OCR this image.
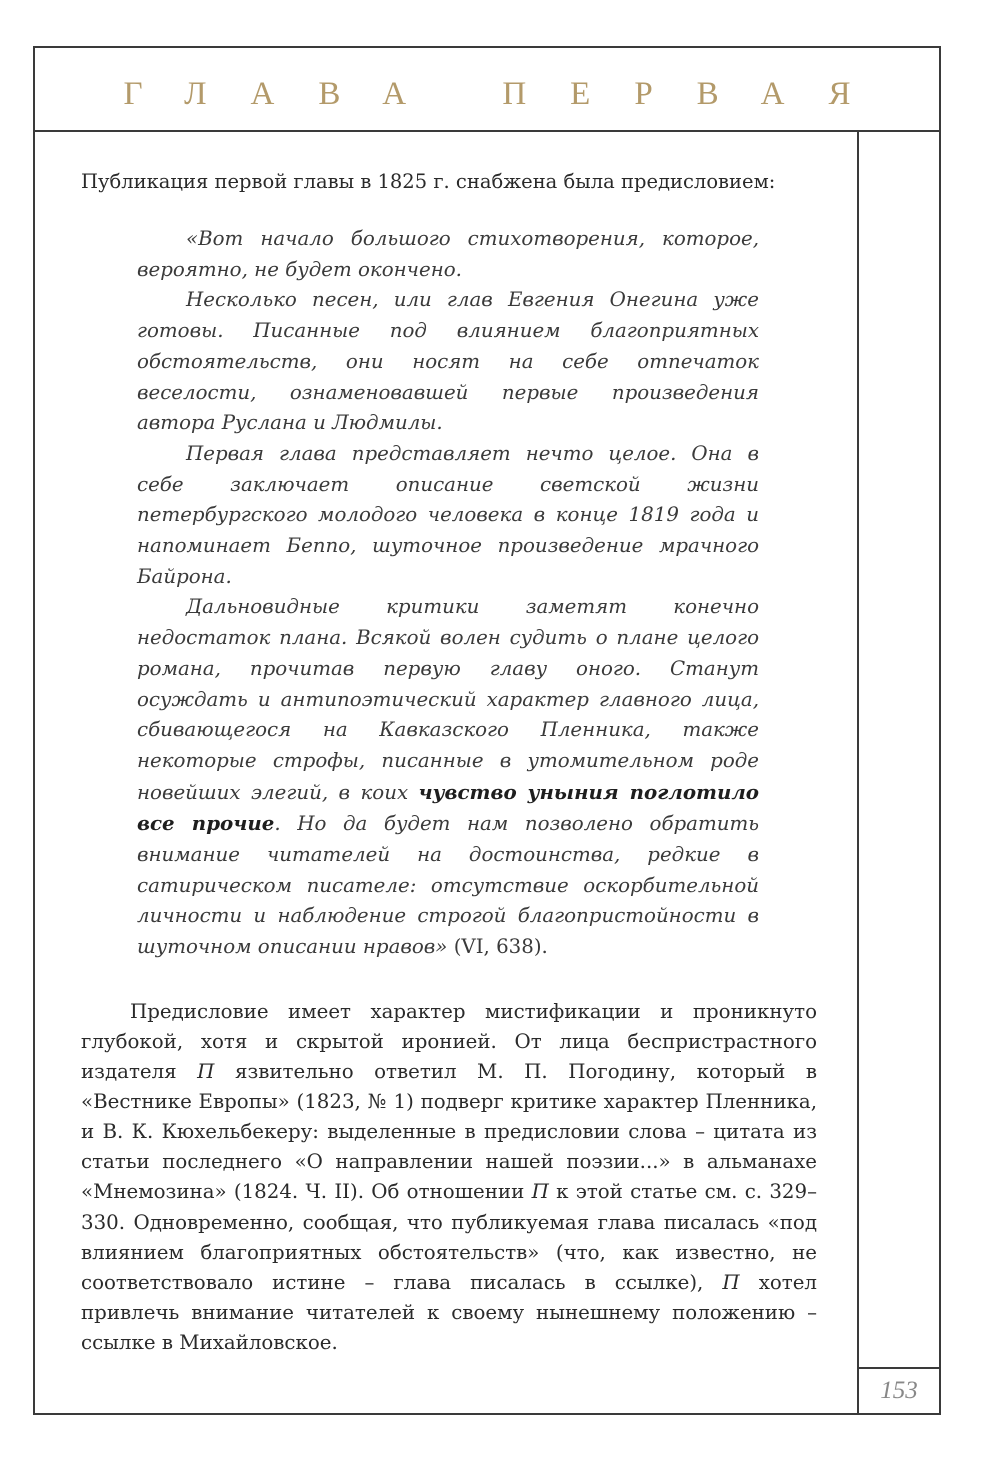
ГЛАВА ПЕРВАЯ
153

Публикация первой главы в 1825 г. снабжена была предисловием:

«Вот начало большого стихотворения, которое, вероятно, не будет окончено.

Несколько песен, или глав Евгения Онегина уже готовы. Писанные под влиянием благоприятных обстоятельств, они носят на себе отпечаток веселости, ознаменовавшей первые произведения автора Руслана и Людмилы.

Первая глава представляет нечто целое. Она в себе заключает описание светской жизни петербургского молодого человека в конце 1819 года и напоминает Беппо, шуточное произведение мрачного Байрона.

Дальновидные критики заметят конечно недостаток плана. Всякой волен судить о плане целого романа, прочитав первую главу оного. Станут осуждать и антипоэтический характер главного лица, сбивающегося на Кавказского Пленника, также некоторые строфы, писанные в утомительном роде новейших элегий, в коих чувство уныния поглотило все прочие. Но да будет нам позволено обратить внимание читателей на достоинства, редкие в сатирическом писателе: отсутствие оскорбительной личности и наблюдение строгой благопристойности в шуточном описании нравов» (VI, 638).

Предисловие имеет характер мистификации и проникнуто глубокой, хотя и скрытой иронией. От лица беспристрастного издателя П язвительно ответил М. П. Погодину, который в «Вестнике Европы» (1823, № 1) подверг критике характер Пленника, и В. К. Кюхельбекеру: выделенные в предисловии слова – цитата из статьи последнего «О направлении нашей поэзии...» в альманахе «Мнемозина» (1824. Ч. II). Об отношении П к этой статье см. с. 329–330. Одновременно, сообщая, что публикуемая глава писалась «под влиянием благоприятных обстоятельств» (что, как известно, не соответствовало истине – глава писалась в ссылке), П хотел привлечь внимание читателей к своему нынешнему положению – ссылке в Михайловское.
